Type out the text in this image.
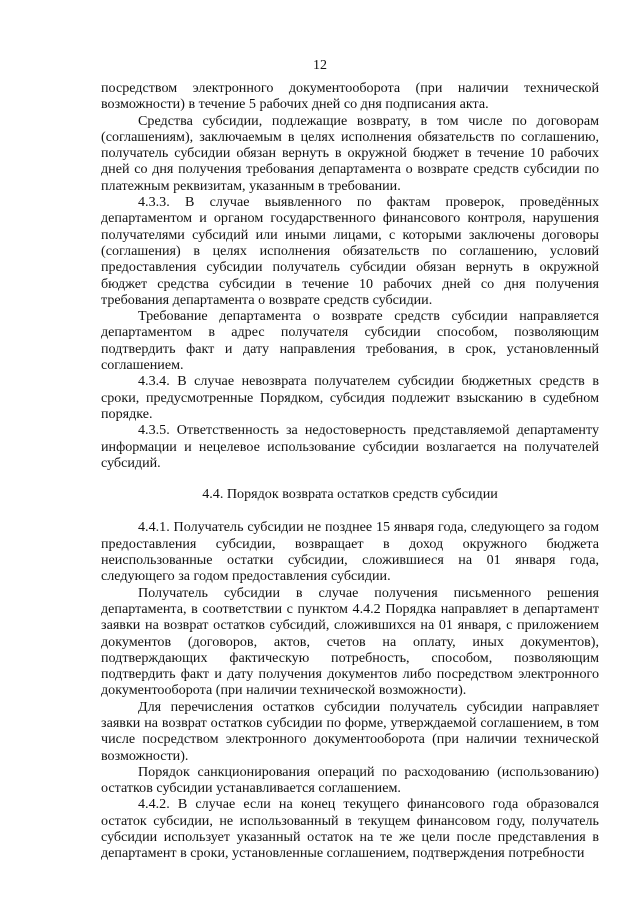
12

посредством электронного документооборота (при наличии технической возможности) в течение 5 рабочих дней со дня подписания акта.

Средства субсидии, подлежащие возврату, в том числе по договорам (соглашениям), заключаемым в целях исполнения обязательств по соглашению, получатель субсидии обязан вернуть в окружной бюджет в течение 10 рабочих дней со дня получения требования департамента о возврате средств субсидии по платежным реквизитам, указанным в требовании.

4.3.3. В случае выявленного по фактам проверок, проведённых департаментом и органом государственного финансового контроля, нарушения получателями субсидий или иными лицами, с которыми заключены договоры (соглашения) в целях исполнения обязательств по соглашению, условий предоставления субсидии получатель субсидии обязан вернуть в окружной бюджет средства субсидии в течение 10 рабочих дней со дня получения требования департамента о возврате средств субсидии.

Требование департамента о возврате средств субсидии направляется департаментом в адрес получателя субсидии способом, позволяющим подтвердить факт и дату направления требования, в срок, установленный соглашением.

4.3.4. В случае невозврата получателем субсидии бюджетных средств в сроки, предусмотренные Порядком, субсидия подлежит взысканию в судебном порядке.

4.3.5. Ответственность за недостоверность представляемой департаменту информации и нецелевое использование субсидии возлагается на получателей субсидий.

4.4. Порядок возврата остатков средств субсидии

4.4.1. Получатель субсидии не позднее 15 января года, следующего за годом предоставления субсидии, возвращает в доход окружного бюджета неиспользованные остатки субсидии, сложившиеся на 01 января года, следующего за годом предоставления субсидии.

Получатель субсидии в случае получения письменного решения департамента, в соответствии с пунктом 4.4.2 Порядка направляет в департамент заявки на возврат остатков субсидий, сложившихся на 01 января, с приложением документов (договоров, актов, счетов на оплату, иных документов), подтверждающих фактическую потребность, способом, позволяющим подтвердить факт и дату получения документов либо посредством электронного документооборота (при наличии технической возможности).

Для перечисления остатков субсидии получатель субсидии направляет заявки на возврат остатков субсидии по форме, утверждаемой соглашением, в том числе посредством электронного документооборота (при наличии технической возможности).

Порядок санкционирования операций по расходованию (использованию) остатков субсидии устанавливается соглашением.

4.4.2. В случае если на конец текущего финансового года образовался остаток субсидии, не использованный в текущем финансовом году, получатель субсидии использует указанный остаток на те же цели после представления в департамент в сроки, установленные соглашением, подтверждения потребности
